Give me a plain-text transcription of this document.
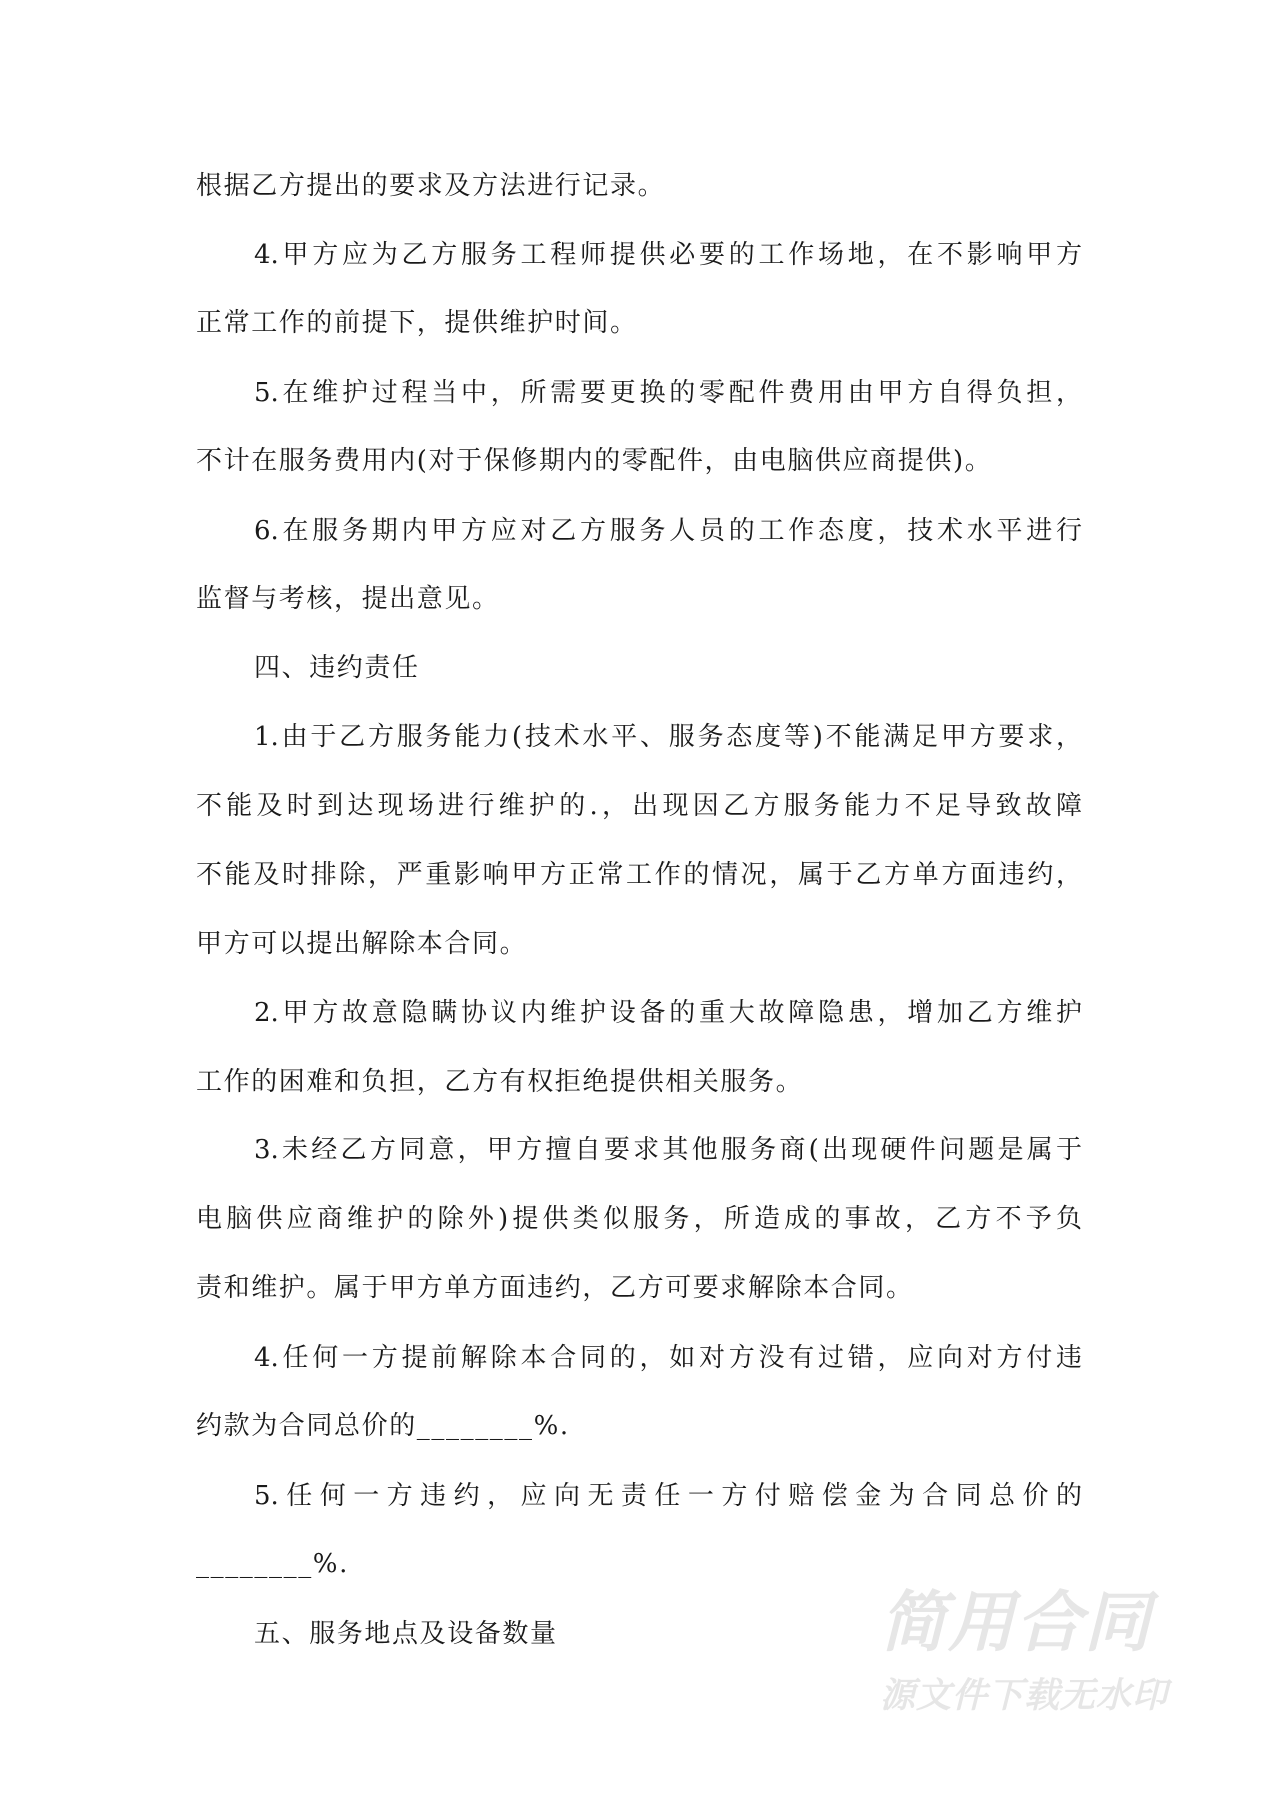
根据乙方提出的要求及方法进行记录。
4.甲方应为乙方服务工程师提供必要的工作场地，在不影响甲方
正常工作的前提下，提供维护时间。
5.在维护过程当中，所需要更换的零配件费用由甲方自得负担，
不计在服务费用内(对于保修期内的零配件，由电脑供应商提供)。
6.在服务期内甲方应对乙方服务人员的工作态度，技术水平进行
监督与考核，提出意见。
四、违约责任
1.由于乙方服务能力(技术水平、服务态度等)不能满足甲方要求，
不能及时到达现场进行维护的.，出现因乙方服务能力不足导致故障
不能及时排除，严重影响甲方正常工作的情况，属于乙方单方面违约，
甲方可以提出解除本合同。
2.甲方故意隐瞒协议内维护设备的重大故障隐患，增加乙方维护
工作的困难和负担，乙方有权拒绝提供相关服务。
3.未经乙方同意，甲方擅自要求其他服务商(出现硬件问题是属于
电脑供应商维护的除外)提供类似服务，所造成的事故，乙方不予负
责和维护。属于甲方单方面违约，乙方可要求解除本合同。
4.任何一方提前解除本合同的，如对方没有过错，应向对方付违
约款为合同总价的________%.
5.任何一方违约，应向无责任一方付赔偿金为合同总价的
________%.
五、服务地点及设备数量	简用合同
源文件下载无水印
